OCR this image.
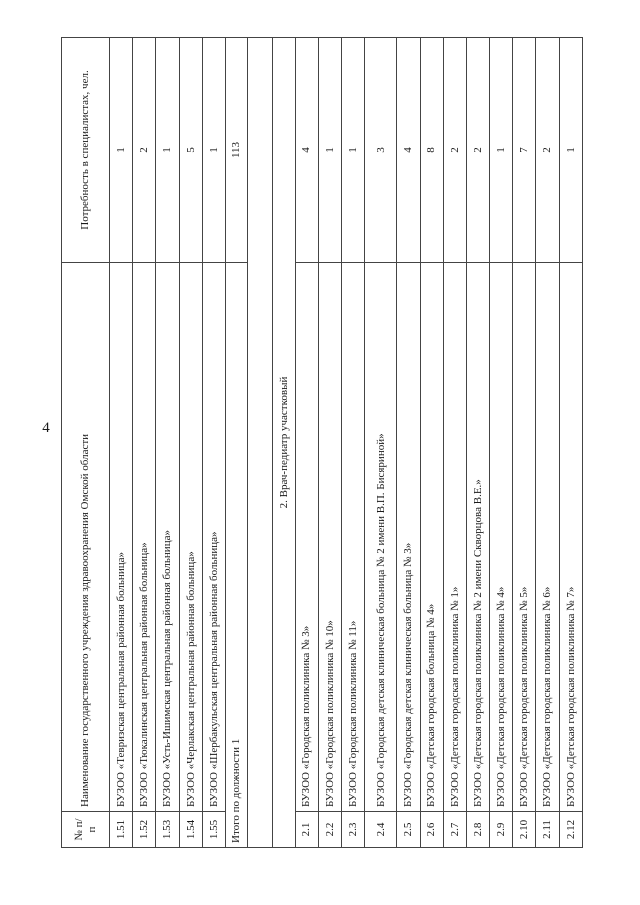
4
№ п/п	Наименование государственного учреждения здравоохранения Омской области	Потребность в специалистах, чел.
1.51	БУЗОО «Тевризская центральная районная больница»	1
1.52	БУЗОО «Тюкалинская центральная районная больница»	2
1.53	БУЗОО «Усть-Ишимская центральная районная больница»	1
1.54	БУЗОО «Черлакская центральная районная больница»	5
1.55	БУЗОО «Шербакульская центральная районная больница»	1
Итого по должности 1		113

2. Врач-педиатр участковый		
2.1	БУЗОО «Городская поликлиника № 3»	4
2.2	БУЗОО «Городская поликлиника № 10»	1
2.3	БУЗОО «Городская поликлиника № 11»	1
2.4	БУЗОО «Городская детская клиническая больница № 2 имени В.П. Бисяриной»	3
2.5	БУЗОО «Городская детская клиническая больница № 3»	4
2.6	БУЗОО «Детская городская больница № 4»	8
2.7	БУЗОО «Детская городская поликлиника № 1»	2
2.8	БУЗОО «Детская городская поликлиника № 2 имени Скворцова В.Е.»	2
2.9	БУЗОО «Детская городская поликлиника № 4»	1
2.10	БУЗОО «Детская городская поликлиника № 5»	7
2.11	БУЗОО «Детская городская поликлиника № 6»	2
2.12	БУЗОО «Детская городская поликлиника № 7»	1
